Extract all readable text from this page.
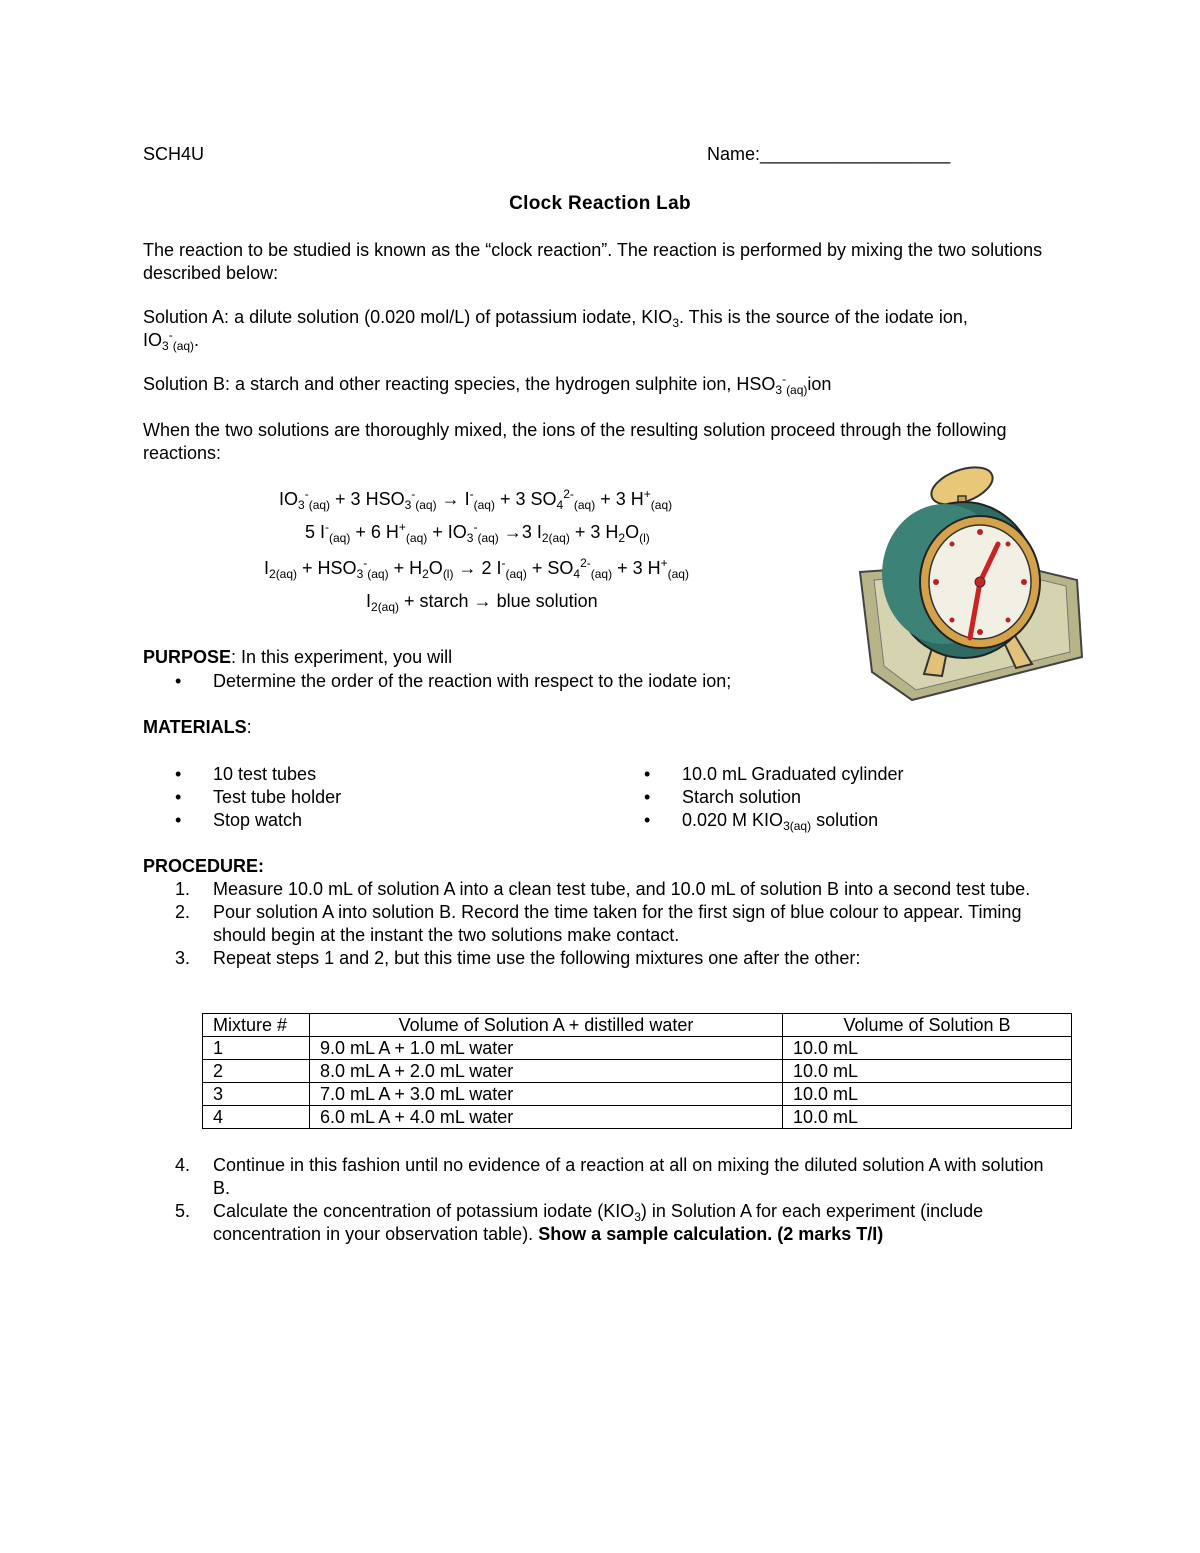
SCH4U	Name:___________________
Clock Reaction Lab
The reaction to be studied is known as the “clock reaction”. The reaction is performed by mixing the two solutions described below:
Solution A: a dilute solution (0.020 mol/L) of potassium iodate, $KIO_3$. This is the source of the iodate ion,
$IO_3^-_{(aq)}$.
Solution B: a starch and other reacting species, the hydrogen sulphite ion, $HSO_3^-_{(aq)}ion$
When the two solutions are thoroughly mixed, the ions of the resulting solution proceed through the following reactions:
$IO_3^-_{(aq)} + 3$ $HSO_3^-_{(aq)} \to I^-_{(aq)} + 3$ $SO_4^{2-}_{(aq)} + 3$ $H^+_{(aq)}$
5 $I^-_{(aq)} + 6$ $H^+_{(aq)} + IO_3^-_{(aq)} \to 3$ $I_{2(aq)} + 3$ $H_2O_{(l)}$
$I_{2(aq)} + HSO_3^-_{(aq)} + H_2O_{(l)} \to 2$ $I^-_{(aq)} + SO_4^{2-}_{(aq)} + 3$ $H^+_{(aq)}$
$I_{2(aq)}$ + starch → blue solution
PURPOSE: In this experiment, you will
• Determine the order of the reaction with respect to the iodate ion;
MATERIALS:
• 10 test tubes
• Test tube holder
• Stop watch
• 10.0 mL Graduated cylinder
• Starch solution
• 0.020 M $KIO_{3(aq)}$ solution
PROCEDURE:
1. Measure 10.0 mL of solution A into a clean test tube, and 10.0 mL of solution B into a second test tube.
2. Pour solution A into solution B. Record the time taken for the first sign of blue colour to appear. Timing should begin at the instant the two solutions make contact.
3. Repeat steps 1 and 2, but this time use the following mixtures one after the other:
Mixture #	Volume of Solution A + distilled water	Volume of Solution B
1	9.0 mL A + 1.0 mL water	10.0 mL
2	8.0 mL A + 2.0 mL water	10.0 mL
3	7.0 mL A + 3.0 mL water	10.0 mL
4	6.0 mL A + 4.0 mL water	10.0 mL
4. Continue in this fashion until no evidence of a reaction at all on mixing the diluted solution A with solution B.
5. Calculate the concentration of potassium iodate $(KIO_3)$ in Solution A for each experiment (include concentration in your observation table). Show a sample calculation. (2 marks T/I)
